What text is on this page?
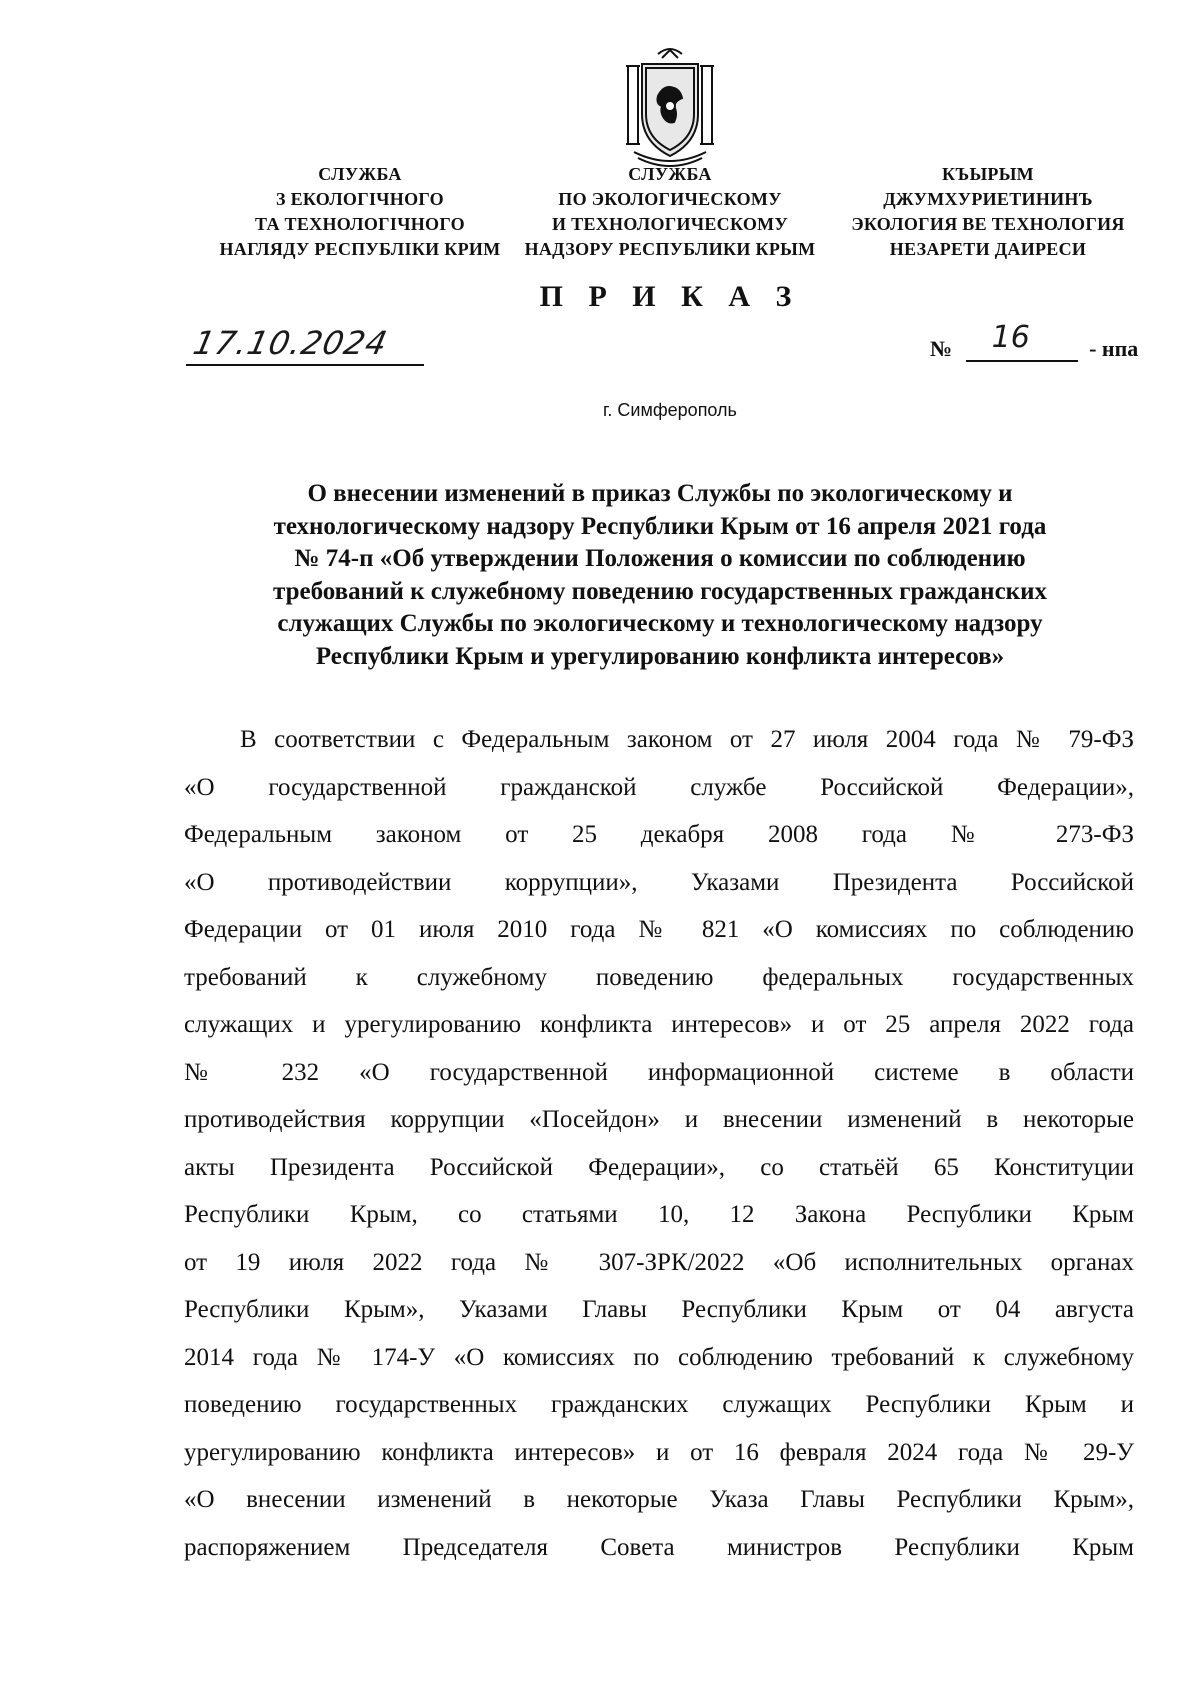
СЛУЖБА
З ЕКОЛОГІЧНОГО
ТА ТЕХНОЛОГІЧНОГО
НАГЛЯДУ РЕСПУБЛІКИ КРИМ
СЛУЖБА
ПО ЭКОЛОГИЧЕСКОМУ
И ТЕХНОЛОГИЧЕСКОМУ
НАДЗОРУ РЕСПУБЛИКИ КРЫМ
КЪЫРЫМ
ДЖУМХУРИЕТИНИНЪ
ЭКОЛОГИЯ ВЕ ТЕХНОЛОГИЯ
НЕЗАРЕТИ ДАИРЕСИ
П Р И К А З
17.10.2024	№ 16	- нпа
г. Симферополь
О внесении изменений в приказ Службы по экологическому и
технологическому надзору Республики Крым от 16 апреля 2021 года
№ 74-п «Об утверждении Положения о комиссии по соблюдению
требований к служебному поведению государственных гражданских
служащих Службы по экологическому и технологическому надзору
Республики Крым и урегулированию конфликта интересов»
В соответствии с Федеральным законом от 27 июля 2004 года № 79-ФЗ
«О государственной гражданской службе Российской Федерации»,
Федеральным законом от 25 декабря 2008 года № 273-ФЗ
«О противодействии коррупции», Указами Президента Российской
Федерации от 01 июля 2010 года № 821 «О комиссиях по соблюдению
требований к служебному поведению федеральных государственных
служащих и урегулированию конфликта интересов» и от 25 апреля 2022 года
№ 232 «О государственной информационной системе в области
противодействия коррупции «Посейдон» и внесении изменений в некоторые
акты Президента Российской Федерации», со статьёй 65 Конституции
Республики Крым, со статьями 10, 12 Закона Республики Крым
от 19 июля 2022 года № 307-ЗРК/2022 «Об исполнительных органах
Республики Крым», Указами Главы Республики Крым от 04 августа
2014 года № 174-У «О комиссиях по соблюдению требований к служебному
поведению государственных гражданских служащих Республики Крым и
урегулированию конфликта интересов» и от 16 февраля 2024 года № 29-У
«О внесении изменений в некоторые Указа Главы Республики Крым»,
распоряжением Председателя Совета министров Республики Крым
